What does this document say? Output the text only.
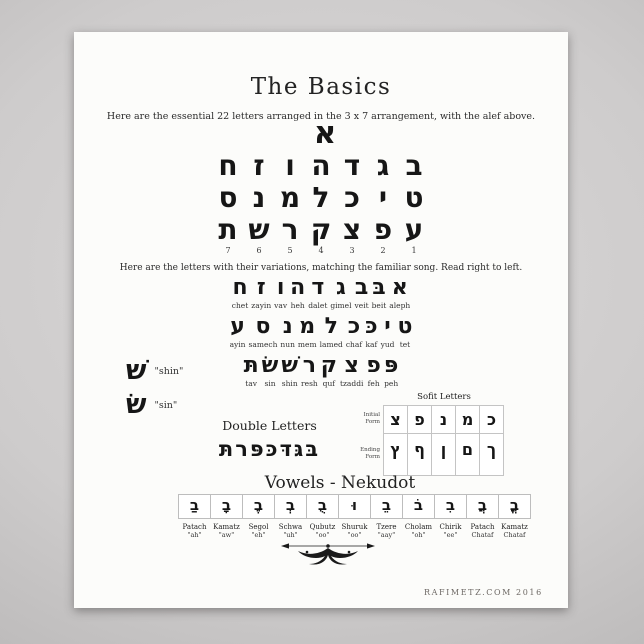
The Basics
Here are the essential 22 letters arranged in the 3 x 7 arrangement, with the alef above.
א
ב
ג
ד
ה
ו
ז
ח
ט
י
כ
ל
מ
נ
ס
ע
פ
צ
ק
ר
ש
ת
1
2
3
4
5
6
7
Here are the letters with their variations, matching the familiar song. Read right to left.
א
aleph
בּ
beit
ב
veit
ג
gimel
ד
dalet
ה
heh
ו
vav
ז
zayin
ח
chet
ט
tet
י
yud
כּ
kaf
כ
chaf
ל
lamed
מ
mem
נ
nun
ס
samech
ע
ayin
פּ
peh
פ
feh
צ
tzaddi
ק
quf
ר
resh
שׁ
shin
שׂ
sin
תּ
tav
שׁ "shin"
שׂ "sin"
Double Letters
בּגּדּכּפּרתּ
Sofit Letters
Initial Form
Ending Form
כ
ך
מ
ם
נ
ן
פ
ף
צ
ץ
Vowels - Nekudot
בַ
Patach
"ah"
בָ
Kamatz
"aw"
בֶ
Segol
"eh"
בְ
Schwa
"uh"
בֻ
Qubutz
"oo"
וּ
Shuruk
"oo"
בֵ
Tzere
"aay"
בֹ
Cholam
"oh"
בִ
Chirik
"ee"
בֲ
Patach
Chataf
בֳ
Kamatz
Chataf
RAFIMETZ.COM 2016
